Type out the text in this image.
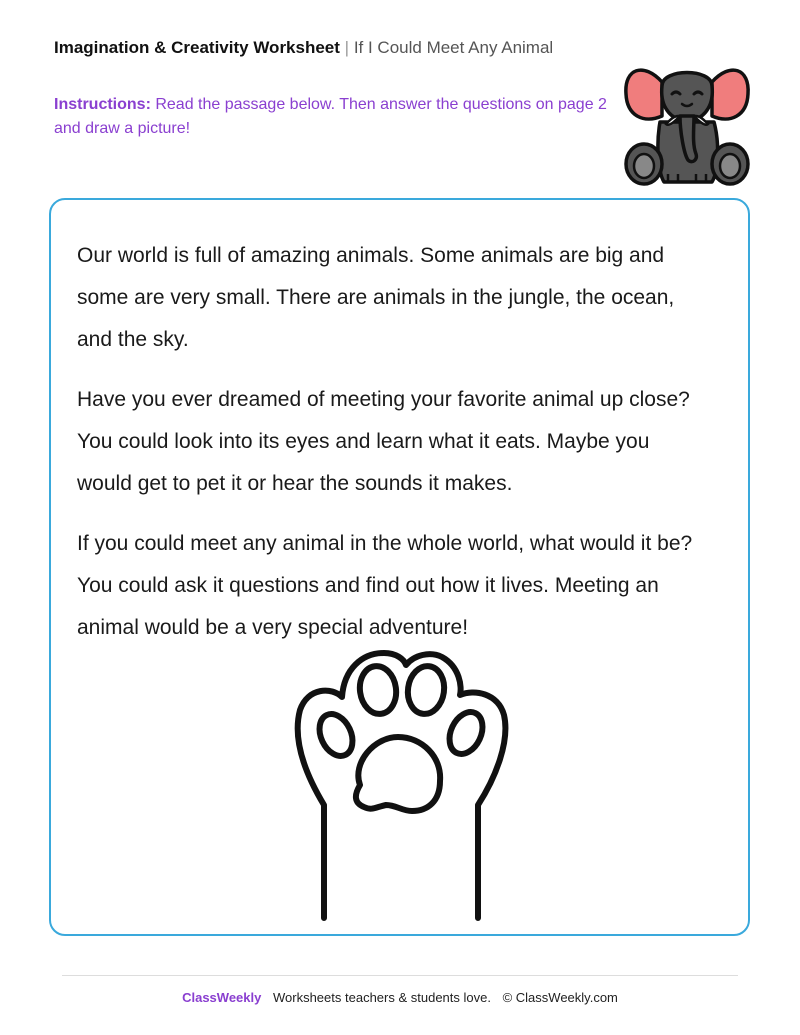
Imagination & Creativity Worksheet | If I Could Meet Any Animal
Instructions: Read the passage below. Then answer the questions on page 2 and draw a picture!

Our world is full of amazing animals. Some animals are big and some are very small. There are animals in the jungle, the ocean, and the sky.

Have you ever dreamed of meeting your favorite animal up close? You could look into its eyes and learn what it eats. Maybe you would get to pet it or hear the sounds it makes.

If you could meet any animal in the whole world, what would it be? You could ask it questions and find out how it lives. Meeting an animal would be a very special adventure!

ClassWeekly Worksheets teachers & students love. © ClassWeekly.com
